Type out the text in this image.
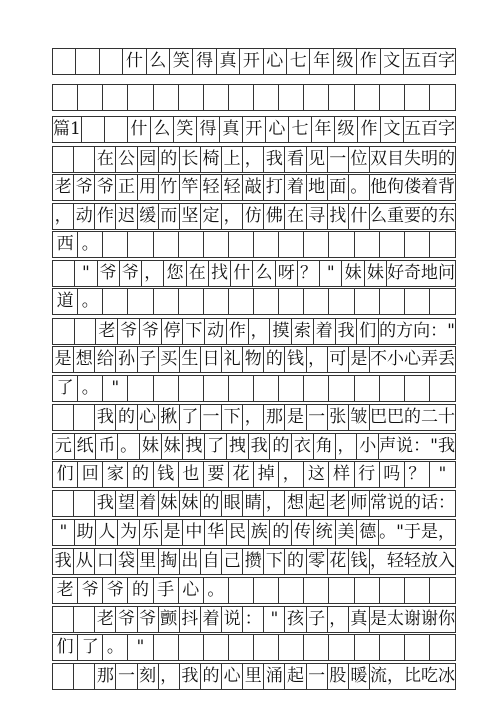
什 么 笑 得 真 开 心 七 年 级 作 文 五百字
篇1	什 么 笑 得 真 开 心 七 年 级 作 文 五百字
在 公 园 的 长 椅 上 ， 我 看 见 一 位 双目失明的
老 爷 爷 正 用 竹 竿 轻 轻 敲 打 着 地 面 。 他佝偻着背
， 动 作 迟 缓 而 坚 定 ， 仿 佛 在 寻 找 什 么重要的东
西 。
" 爷 爷 ， 您 在 找 什 么 呀 ？ " 妹 妹 好奇地问
道 。
老 爷 爷 停 下 动 作 ， 摸 索 着 我 们 的方向："
是 想 给 孙 子 买 生 日 礼 物 的 钱 ， 可 是 不小心弄丢
了 。 "
我 的 心 揪 了 一 下 ， 那 是 一 张 皱 巴巴的二十
元 纸 币 。 妹 妹 拽 了 拽 我 的 衣 角 ， 小 声说："我
们 回 家 的 钱 也 要 花 掉 ， 这 样 行 吗 ？ "
我 望 着 妹 妹 的 眼 睛 ， 想 起 老 师 常说的话：
" 助 人 为 乐 是 中 华 民 族 的 传 统 美 德 。"于是，
我 从 口 袋 里 掏 出 自 己 攒 下 的 零 花 钱 ，轻轻放入
老 爷 爷 的 手 心 。
老 爷 爷 颤 抖 着 说 ： " 孩 子 ， 真 是太谢谢你
们 了 。 "
那 一 刻 ， 我 的 心 里 涌 起 一 股 暖 流，比吃冰
